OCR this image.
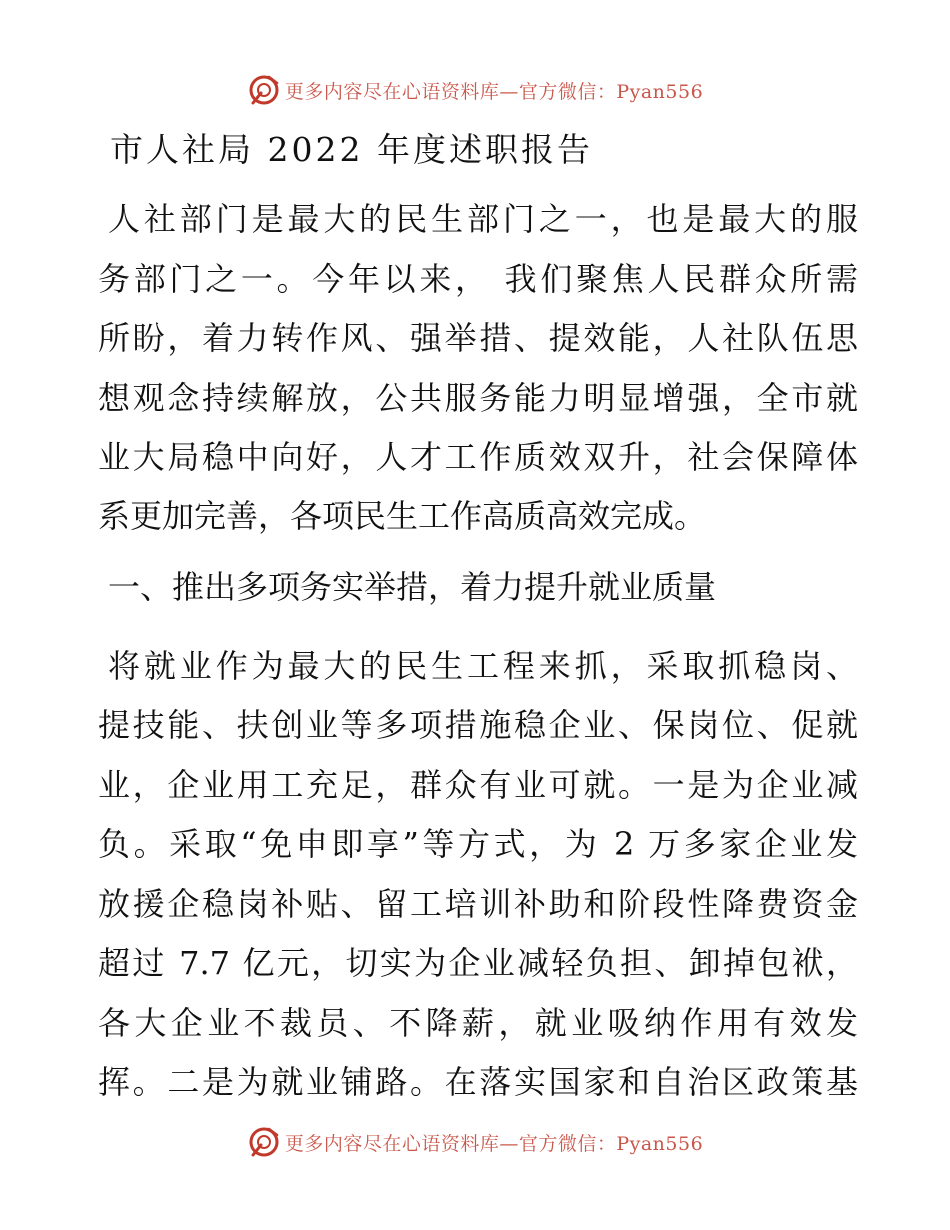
更多内容尽在心语资料库—官方微信：Pyan556
市人社局 2022 年度述职报告

人社部门是最大的民生部门之一，也是最大的服

务部门之一。今年以来， 我们聚焦人民群众所需

所盼，着力转作风、强举措、提效能，人社队伍思

想观念持续解放，公共服务能力明显增强，全市就

业大局稳中向好，人才工作质效双升，社会保障体

系更加完善，各项民生工作高质高效完成。

一、推出多项务实举措，着力提升就业质量

将就业作为最大的民生工程来抓，采取抓稳岗、

提技能、扶创业等多项措施稳企业、保岗位、促就

业，企业用工充足，群众有业可就。一是为企业减

负。采取“免申即享”等方式，为 2 万多家企业发

放援企稳岗补贴、留工培训补助和阶段性降费资金

超过 7.7 亿元，切实为企业减轻负担、卸掉包袱，

各大企业不裁员、不降薪，就业吸纳作用有效发

挥。二是为就业铺路。在落实国家和自治区政策基

更多内容尽在心语资料库—官方微信：Pyan556
